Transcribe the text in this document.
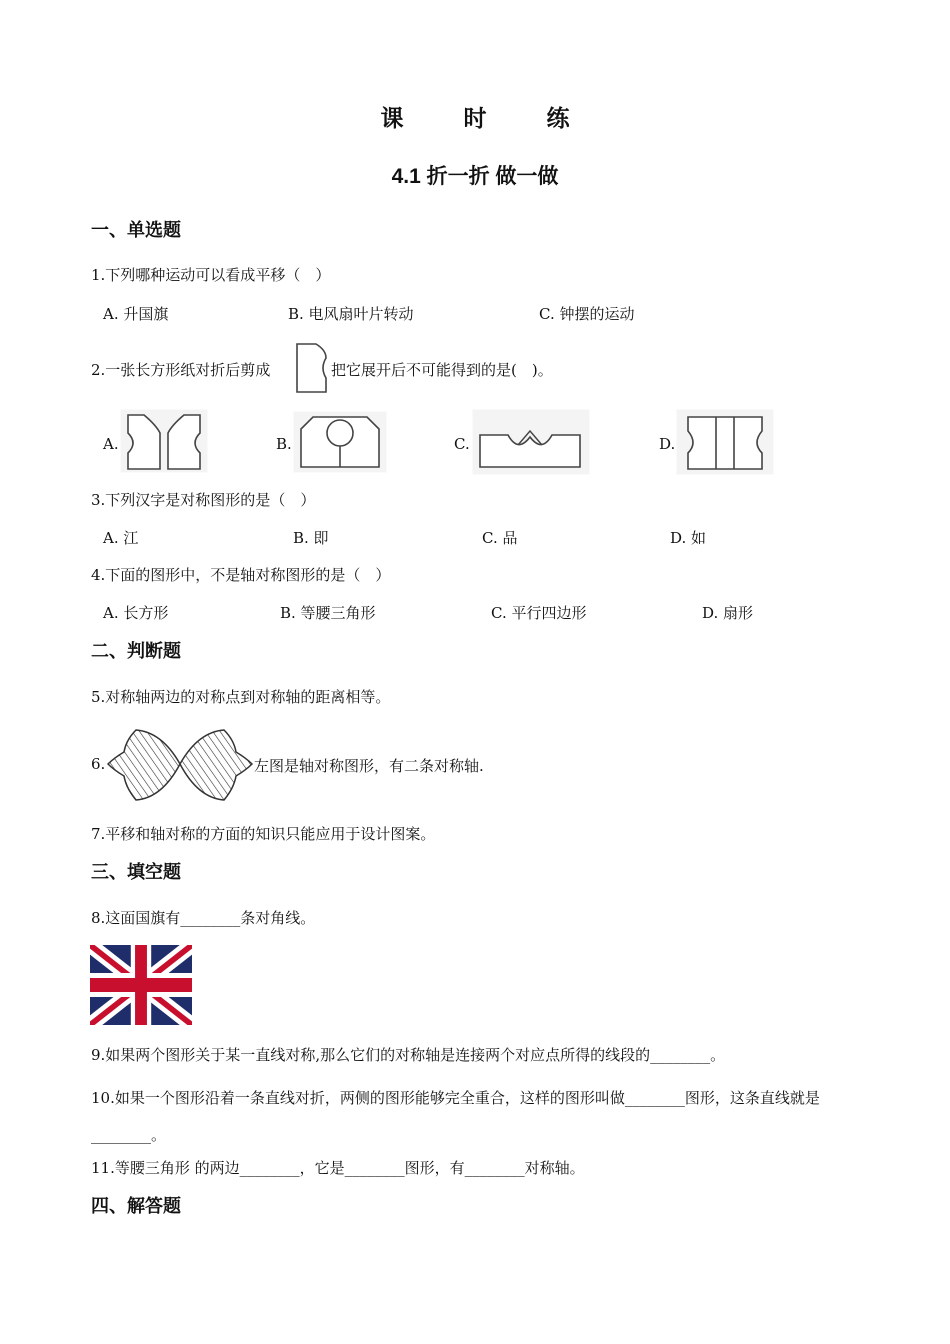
课 时 练
4.1 折一折 做一做
一、单选题
1.下列哪种运动可以看成平移（　）
A. 升国旗	B. 电风扇叶片转动	C. 钟摆的运动
2.一张长方形纸对折后剪成	把它展开后不可能得到的是(　)。
A.	B.	C.	D.
3.下列汉字是对称图形的是（　）
A. 江	B. 即	C. 品	D. 如
4.下面的图形中，不是轴对称图形的是（　）
A. 长方形	B. 等腰三角形	C. 平行四边形	D. 扇形
二、判断题
5.对称轴两边的对称点到对称轴的距离相等。
6.	左图是轴对称图形，有二条对称轴.
7.平移和轴对称的方面的知识只能应用于设计图案。
三、填空题
8.这面国旗有________条对角线。
9.如果两个图形关于某一直线对称,那么它们的对称轴是连接两个对应点所得的线段的________。
10.如果一个图形沿着一条直线对折，两侧的图形能够完全重合，这样的图形叫做________图形，这条直线就是________。
11.等腰三角形 的两边________，它是________图形，有________对称轴。
四、解答题
